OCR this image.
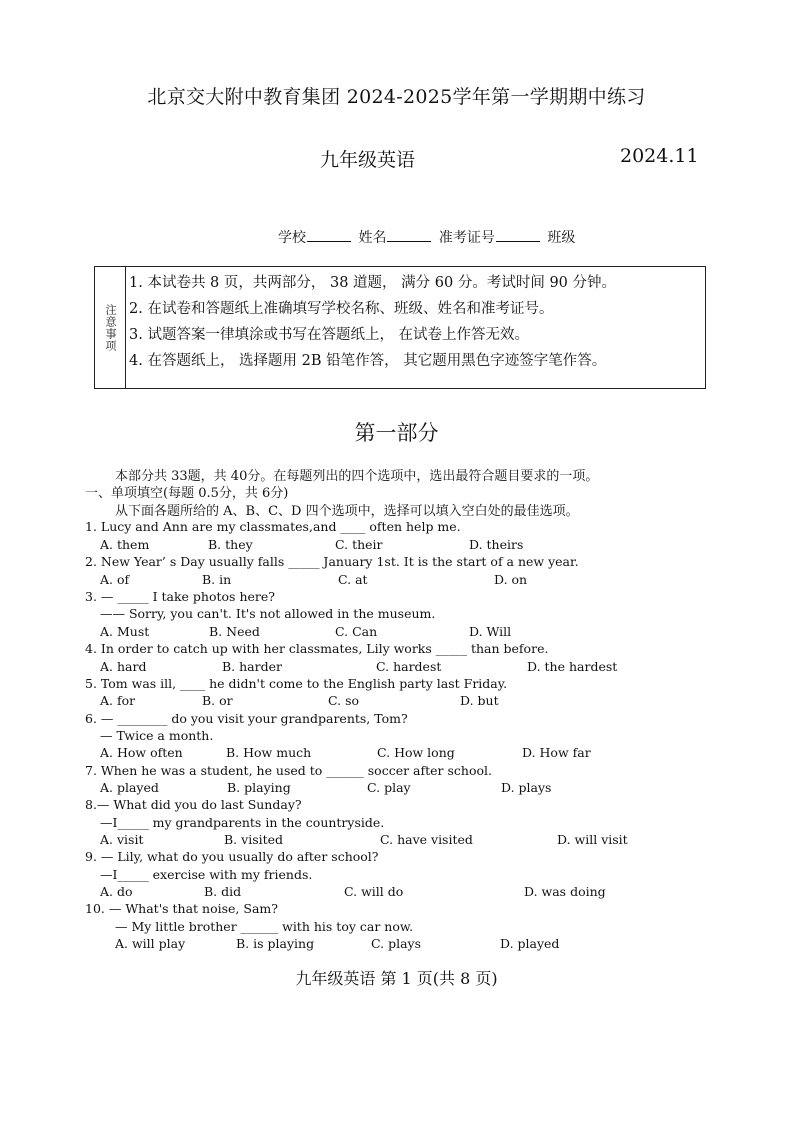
北京交大附中教育集团 2024-2025学年第一学期期中练习
九年级英语	2024.11
学校	姓名	准考证号	班级
注意事项
1. 本试卷共 8 页，共两部分， 38 道题， 满分 60 分。考试时间 90 分钟。
2. 在试卷和答题纸上准确填写学校名称、班级、姓名和准考证号。
3. 试题答案一律填涂或书写在答题纸上， 在试卷上作答无效。
4. 在答题纸上， 选择题用 2B 铅笔作答， 其它题用黑色字迹签字笔作答。
第一部分
本部分共 33题，共 40分。在每题列出的四个选项中，选出最符合题目要求的一项。
一、单项填空(每题 0.5分，共 6分)
从下面各题所给的 A、B、C、D 四个选项中，选择可以填入空白处的最佳选项。
1. Lucy and Ann are my classmates,and ____ often help me.
A. them	B. they	C. their	D. theirs
2. New Year’ s Day usually falls _____ January 1st. It is the start of a new year.
A. of	B. in	C. at	D. on
3. — _____ I take photos here?
—— Sorry, you can't. It's not allowed in the museum.
A. Must	B. Need	C. Can	D. Will
4. In order to catch up with her classmates, Lily works _____ than before.
A. hard	B. harder	C. hardest	D. the hardest
5. Tom was ill, ____ he didn't come to the English party last Friday.
A. for	B. or	C. so	D. but
6. — ________ do you visit your grandparents, Tom?
— Twice a month.
A. How often	B. How much	C. How long	D. How far
7. When he was a student, he used to ______ soccer after school.
A. played	B. playing	C. play	D. plays
8.— What did you do last Sunday?
—I_____ my grandparents in the countryside.
A. visit	B. visited	C. have visited	D. will visit
9. — Lily, what do you usually do after school?
—I_____ exercise with my friends.
A. do	B. did	C. will do	D. was doing
10. — What's that noise, Sam?
— My little brother ______ with his toy car now.
A. will play	B. is playing	C. plays	D. played
九年级英语 第 1 页(共 8 页)
